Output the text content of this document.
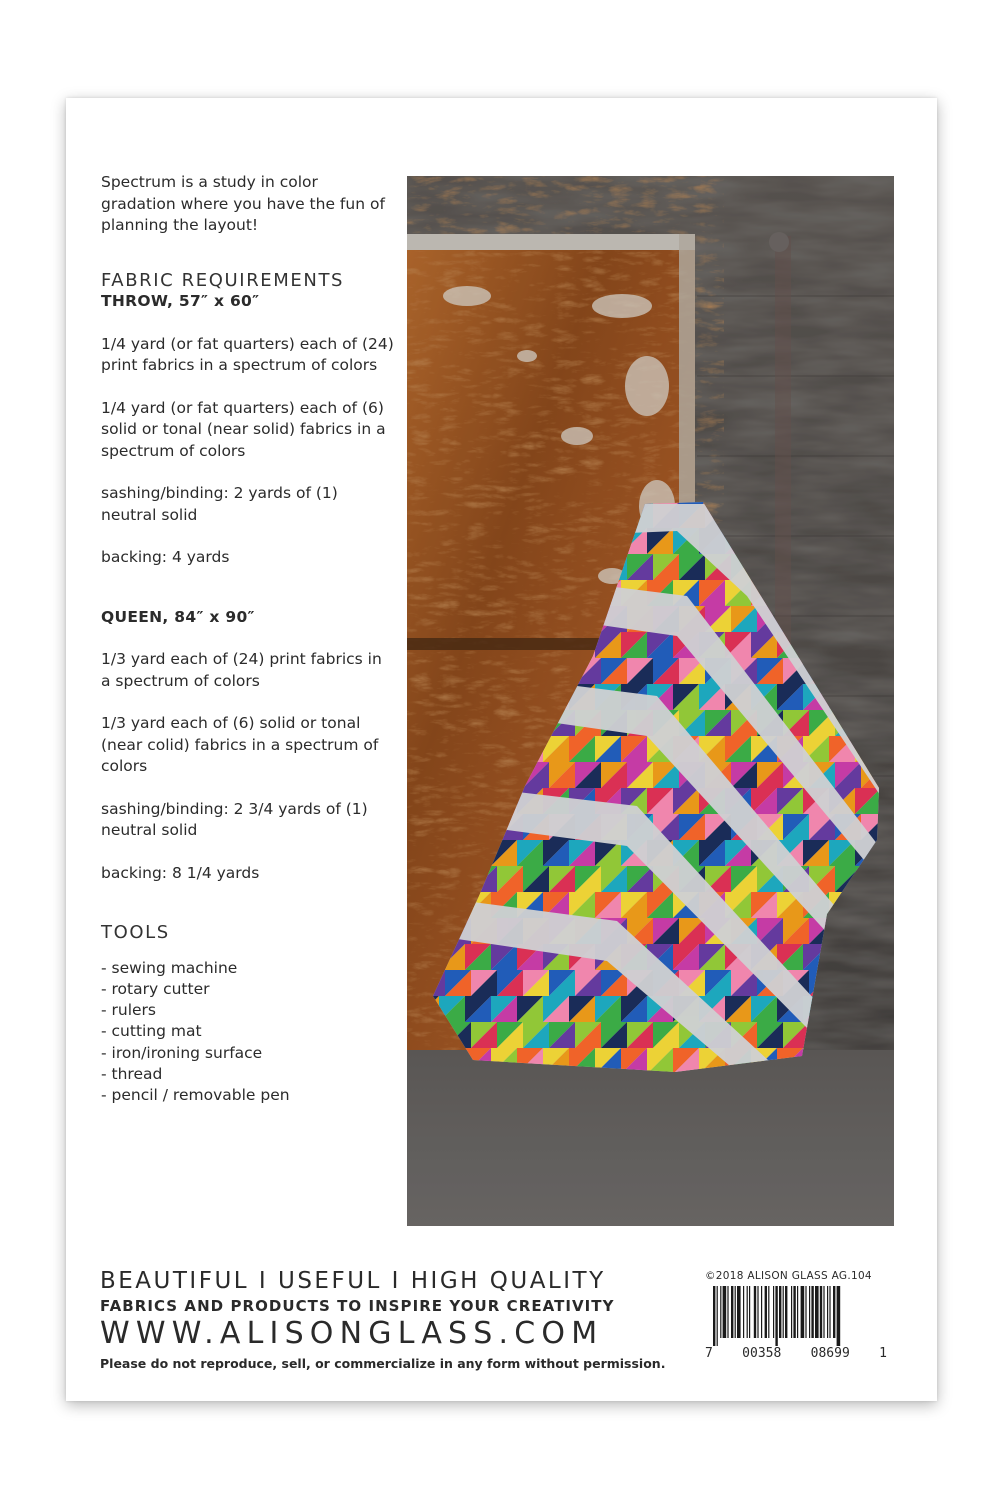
Spectrum is a study in color gradation where you have the fun of planning the layout!

FABRIC REQUIREMENTS

THROW, 57″ x 60″

1/4 yard (or fat quarters) each of (24) print fabrics in a spectrum of colors

1/4 yard (or fat quarters) each of (6) solid or tonal (near solid) fabrics in a spectrum of colors

sashing/binding: 2 yards of (1) neutral solid

backing: 4 yards

QUEEN, 84″ x 90″

1/3 yard each of (24) print fabrics in a spectrum of colors

1/3 yard each of (6) solid or tonal (near colid) fabrics in a spectrum of colors

sashing/binding: 2 3/4 yards of (1) neutral solid

backing: 8 1/4 yards

TOOLS

- sewing machine
- rotary cutter
- rulers
- cutting mat
- iron/ironing surface
- thread
- pencil / removable pen
BEAUTIFUL I USEFUL I HIGH QUALITY
FABRICS AND PRODUCTS TO INSPIRE YOUR CREATIVITY
WWW.ALISONGLASS.COM
Please do not reproduce, sell, or commercialize in any form without permission.
©2018 ALISON GLASS AG.104
7 00358 08699 1
